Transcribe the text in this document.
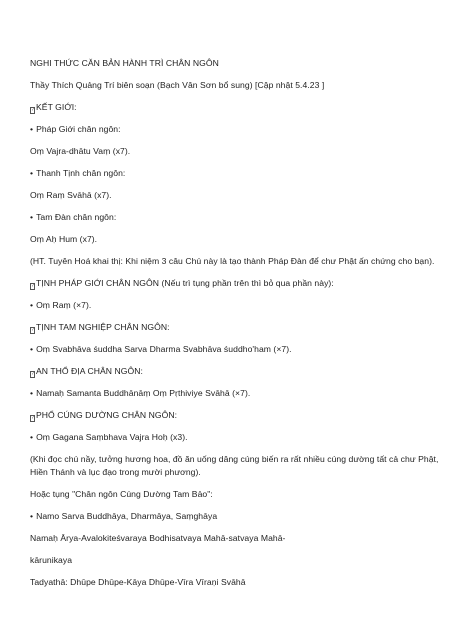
NGHI THỨC CĂN BẢN HÀNH TRÌ CHÂN NGÔN
Thầy Thích Quảng Trí biên soạn (Bạch Vân Sơn bổ sung) [Cập nhật 5.4.23 ]
? KẾT GIỚI:
• Pháp Giới chân ngôn:
Oṃ Vajra-dhātu Vaṃ (x7).
• Thanh Tịnh chân ngôn:
Oṃ Raṃ Svāhā (x7).
• Tam Đàn chân ngôn:
Oṃ Aḥ Hum (x7).
(HT. Tuyên Hoá khai thị: Khi niệm 3 câu Chú này là tạo thành Pháp Đàn để chư Phật ấn chứng cho bạn).
? TỊNH PHÁP GIỚI CHÂN NGÔN (Nếu trì tụng phần trên thì bỏ qua phần này):
• Oṃ Raṃ (×7).
? TỊNH TAM NGHIỆP CHÂN NGÔN:
• Oṃ Svabhāva śuddha Sarva Dharma Svabhāva śuddho'ham (×7).
? AN THỔ ĐỊA CHÂN NGÔN:
• Namaḥ Samanta Buddhānāṃ Oṃ Pṛthiviye Svāhā (×7).
? PHỔ CÚNG DƯỜNG CHÂN NGÔN:
• Oṃ Gagana Saṃbhava Vajra Hoḥ (x3).
(Khi đọc chú nầy, tưởng hương hoa, đồ ăn uống dâng cúng biến ra rất nhiều cúng dường tất cả chư Phật,
Hiền Thánh và lục đạo trong mười phương).
Hoặc tụng "Chân ngôn Cúng Dường Tam Bảo":
• Namo Sarva Buddhāya, Dharmāya, Saṃghāya
Namaḥ Ārya-Avalokiteśvaraya Bodhisatvaya Mahā-satvaya Mahā-
kārunikaya
Tadyathā: Dhūpe Dhūpe-Kāya Dhūpe-Vīra Vīraṇi Svāhā
